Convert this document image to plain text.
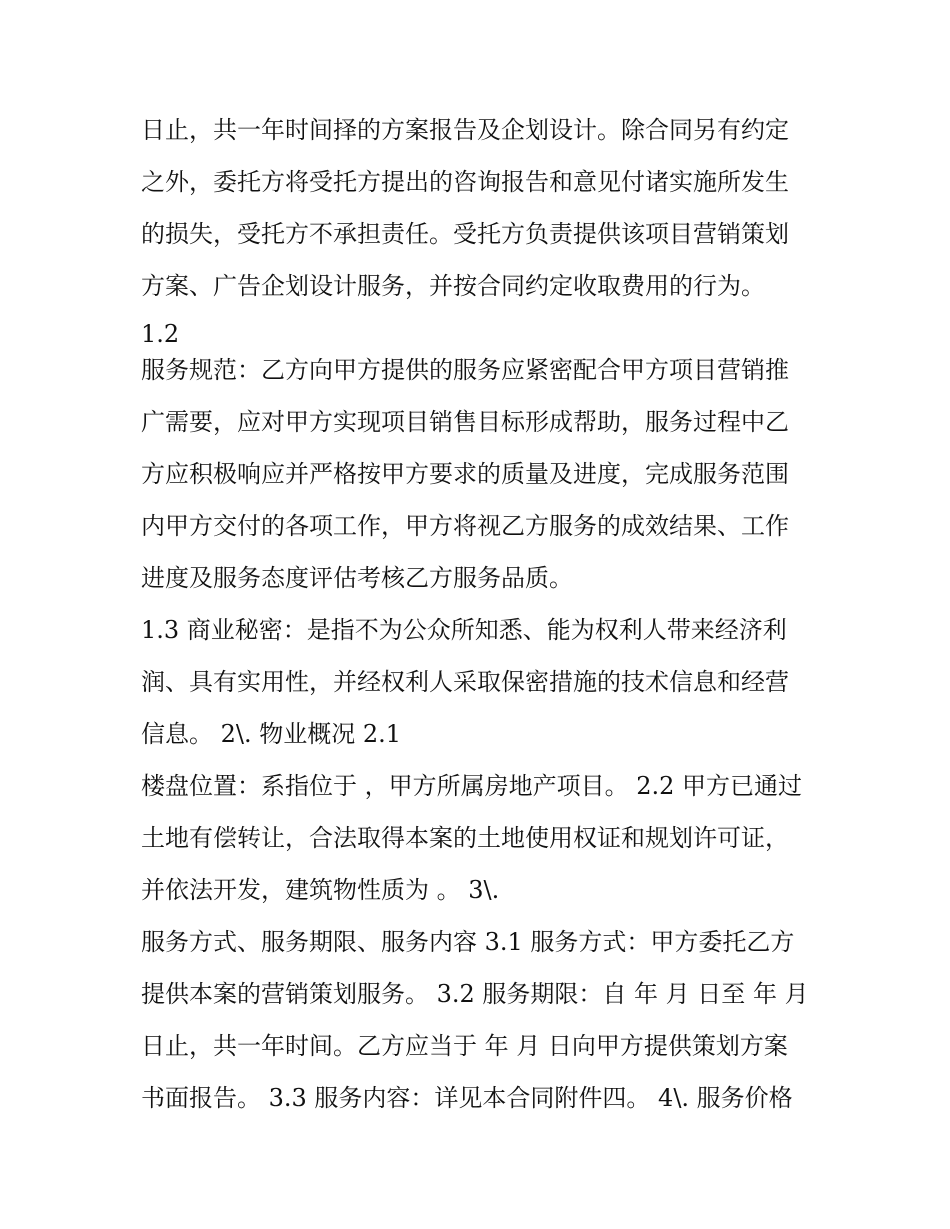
日止，共一年时间择的方案报告及企划设计。除合同另有约定
之外，委托方将受托方提出的咨询报告和意见付诸实施所发生
的损失，受托方不承担责任。受托方负责提供该项目营销策划
方案、广告企划设计服务，并按合同约定收取费用的行为。
1.2
服务规范：乙方向甲方提供的服务应紧密配合甲方项目营销推
广需要，应对甲方实现项目销售目标形成帮助，服务过程中乙
方应积极响应并严格按甲方要求的质量及进度，完成服务范围
内甲方交付的各项工作，甲方将视乙方服务的成效结果、工作
进度及服务态度评估考核乙方服务品质。
1.3 商业秘密：是指不为公众所知悉、能为权利人带来经济利
润、具有实用性，并经权利人采取保密措施的技术信息和经营
信息。 2\. 物业概况 2.1
楼盘位置：系指位于 ，甲方所属房地产项目。 2.2 甲方已通过
土地有偿转让，合法取得本案的土地使用权证和规划许可证，
并依法开发，建筑物性质为 。 3\.
服务方式、服务期限、服务内容 3.1 服务方式：甲方委托乙方
提供本案的营销策划服务。 3.2 服务期限：自 年 月 日至 年 月
日止，共一年时间。乙方应当于 年 月 日向甲方提供策划方案
书面报告。 3.3 服务内容：详见本合同附件四。 4\. 服务价格
